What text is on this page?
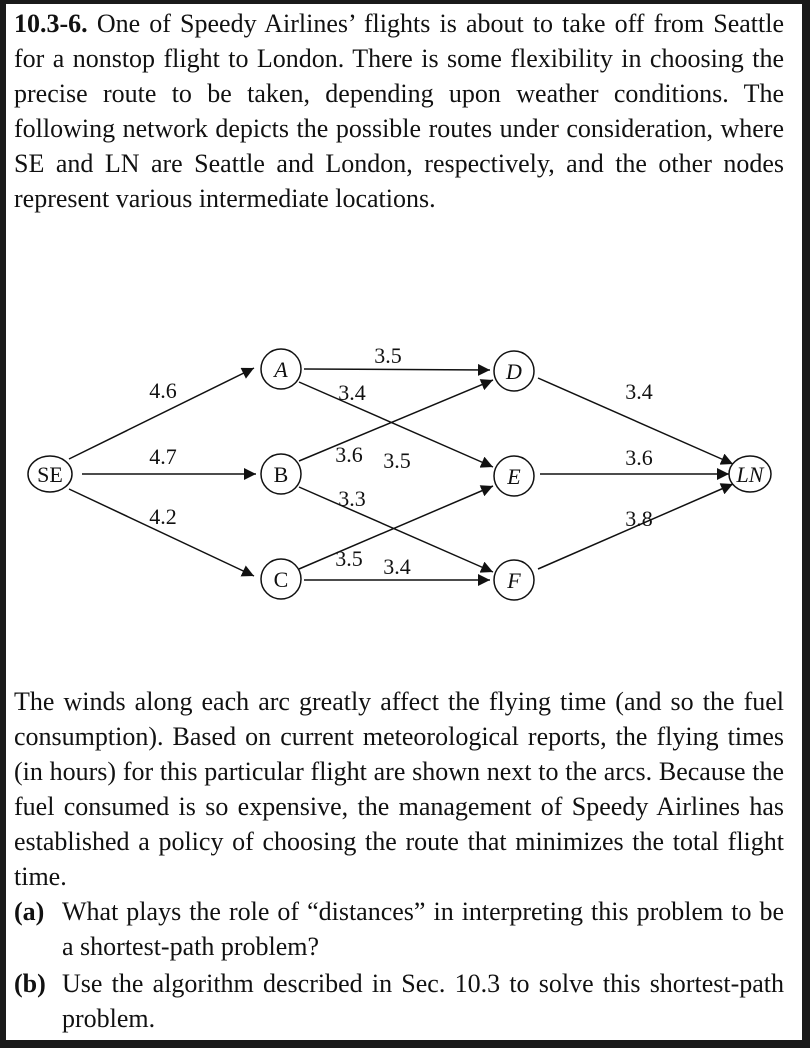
10.3-6. One of Speedy Airlines’ flights is about to take off from Seattle for a nonstop flight to London. There is some flexibility in choosing the precise route to be taken, depending upon weather conditions. The following network depicts the possible routes under consideration, where SE and LN are Seattle and London, respectively, and the other nodes represent various intermediate locations.
SE
A
B
C
D
E
F
LN
4.6
4.7
4.2
3.5
3.4
3.6
3.3
3.5
3.4
3.5
3.4
3.6
3.8
The winds along each arc greatly affect the flying time (and so the fuel consumption). Based on current meteorological reports, the flying times (in hours) for this particular flight are shown next to the arcs. Because the fuel consumed is so expensive, the management of Speedy Airlines has established a policy of choosing the route that minimizes the total flight time.
(a) What plays the role of “distances” in interpreting this problem to be a shortest-path problem?
(b) Use the algorithm described in Sec. 10.3 to solve this shortest-path problem.
